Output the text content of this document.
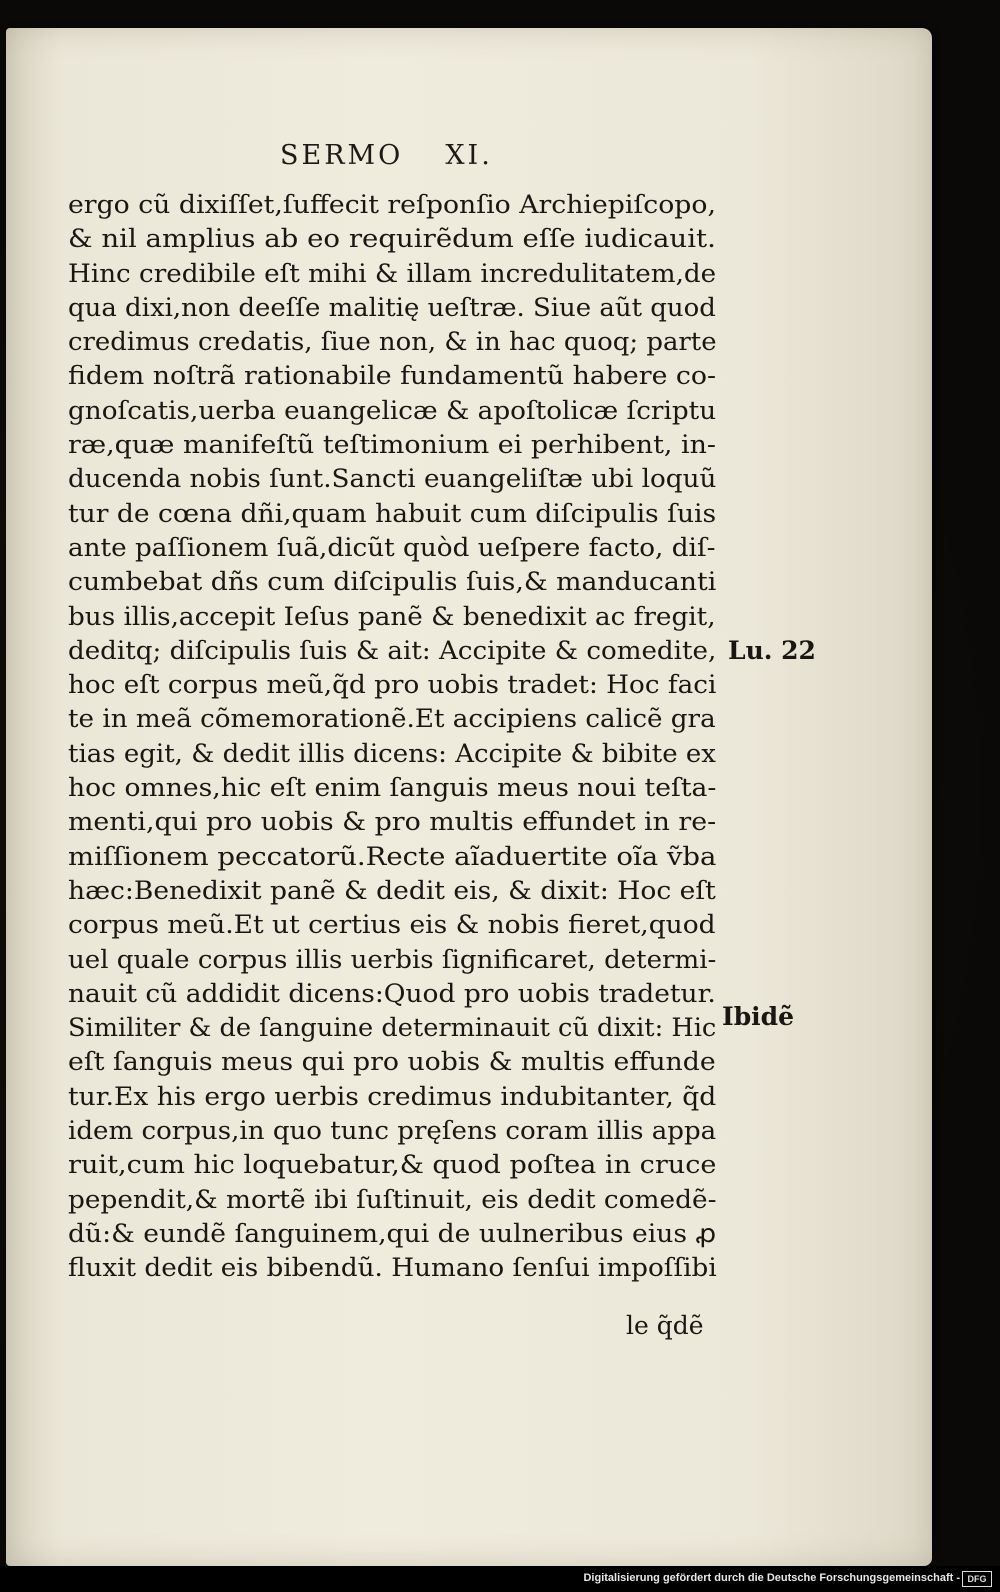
SERMO XI.
ergo cũ dixiſſet,ſuffecit reſponſio Archiepiſcopo,
& nil amplius ab eo requirẽdum eſſe iudicauit.
Hinc credibile eſt mihi & illam incredulitatem,de
qua dixi,non deeſſe malitię ueſtræ. Siue aũt quod
credimus credatis, ſiue non, & in hac quoq; parte
fidem noſtrã rationabile fundamentũ habere co-
gnoſcatis,uerba euangelicæ & apoſtolicæ ſcriptu
ræ,quæ manifeſtũ teſtimonium ei perhibent, in-
ducenda nobis ſunt.Sancti euangeliſtæ ubi loquũ
tur de cœna dñi,quam habuit cum diſcipulis ſuis
ante paſſionem ſuã,dicũt quòd ueſpere facto, diſ-
cumbebat dñs cum diſcipulis ſuis,& manducanti
bus illis,accepit Ieſus panẽ & benedixit ac fregit,
deditq; diſcipulis ſuis & ait: Accipite & comedite,
hoc eſt corpus meũ,q̃d pro uobis tradet: Hoc faci
te in meã cõmemorationẽ.Et accipiens calicẽ gra
tias egit, & dedit illis dicens: Accipite & bibite ex
hoc omnes,hic eſt enim ſanguis meus noui teſta-
menti,qui pro uobis & pro multis effundet in re-
miſſionem peccatorũ.Recte aĩaduertite oĩa ṽba
hæc:Benedixit panẽ & dedit eis, & dixit: Hoc eſt
corpus meũ.Et ut certius eis & nobis fieret,quod
uel quale corpus illis uerbis ſignificaret, determi-
nauit cũ addidit dicens:Quod pro uobis tradetur.
Similiter & de ſanguine determinauit cũ dixit: Hic
eſt ſanguis meus qui pro uobis & multis effunde
tur.Ex his ergo uerbis credimus indubitanter, q̃d
idem corpus,in quo tunc pręſens coram illis appa
ruit,cum hic loquebatur,& quod poſtea in cruce
pependit,& mortẽ ibi ſuſtinuit, eis dedit comedẽ-
dũ:& eundẽ ſanguinem,qui de uulneribus eius ꝓ
fluxit dedit eis bibendũ. Humano ſenſui impoſſibi
Lu. 22
Ibidẽ
le q̃dẽ
Digitalisierung gefördert durch die Deutsche Forschungsgemeinschaft - DFG
